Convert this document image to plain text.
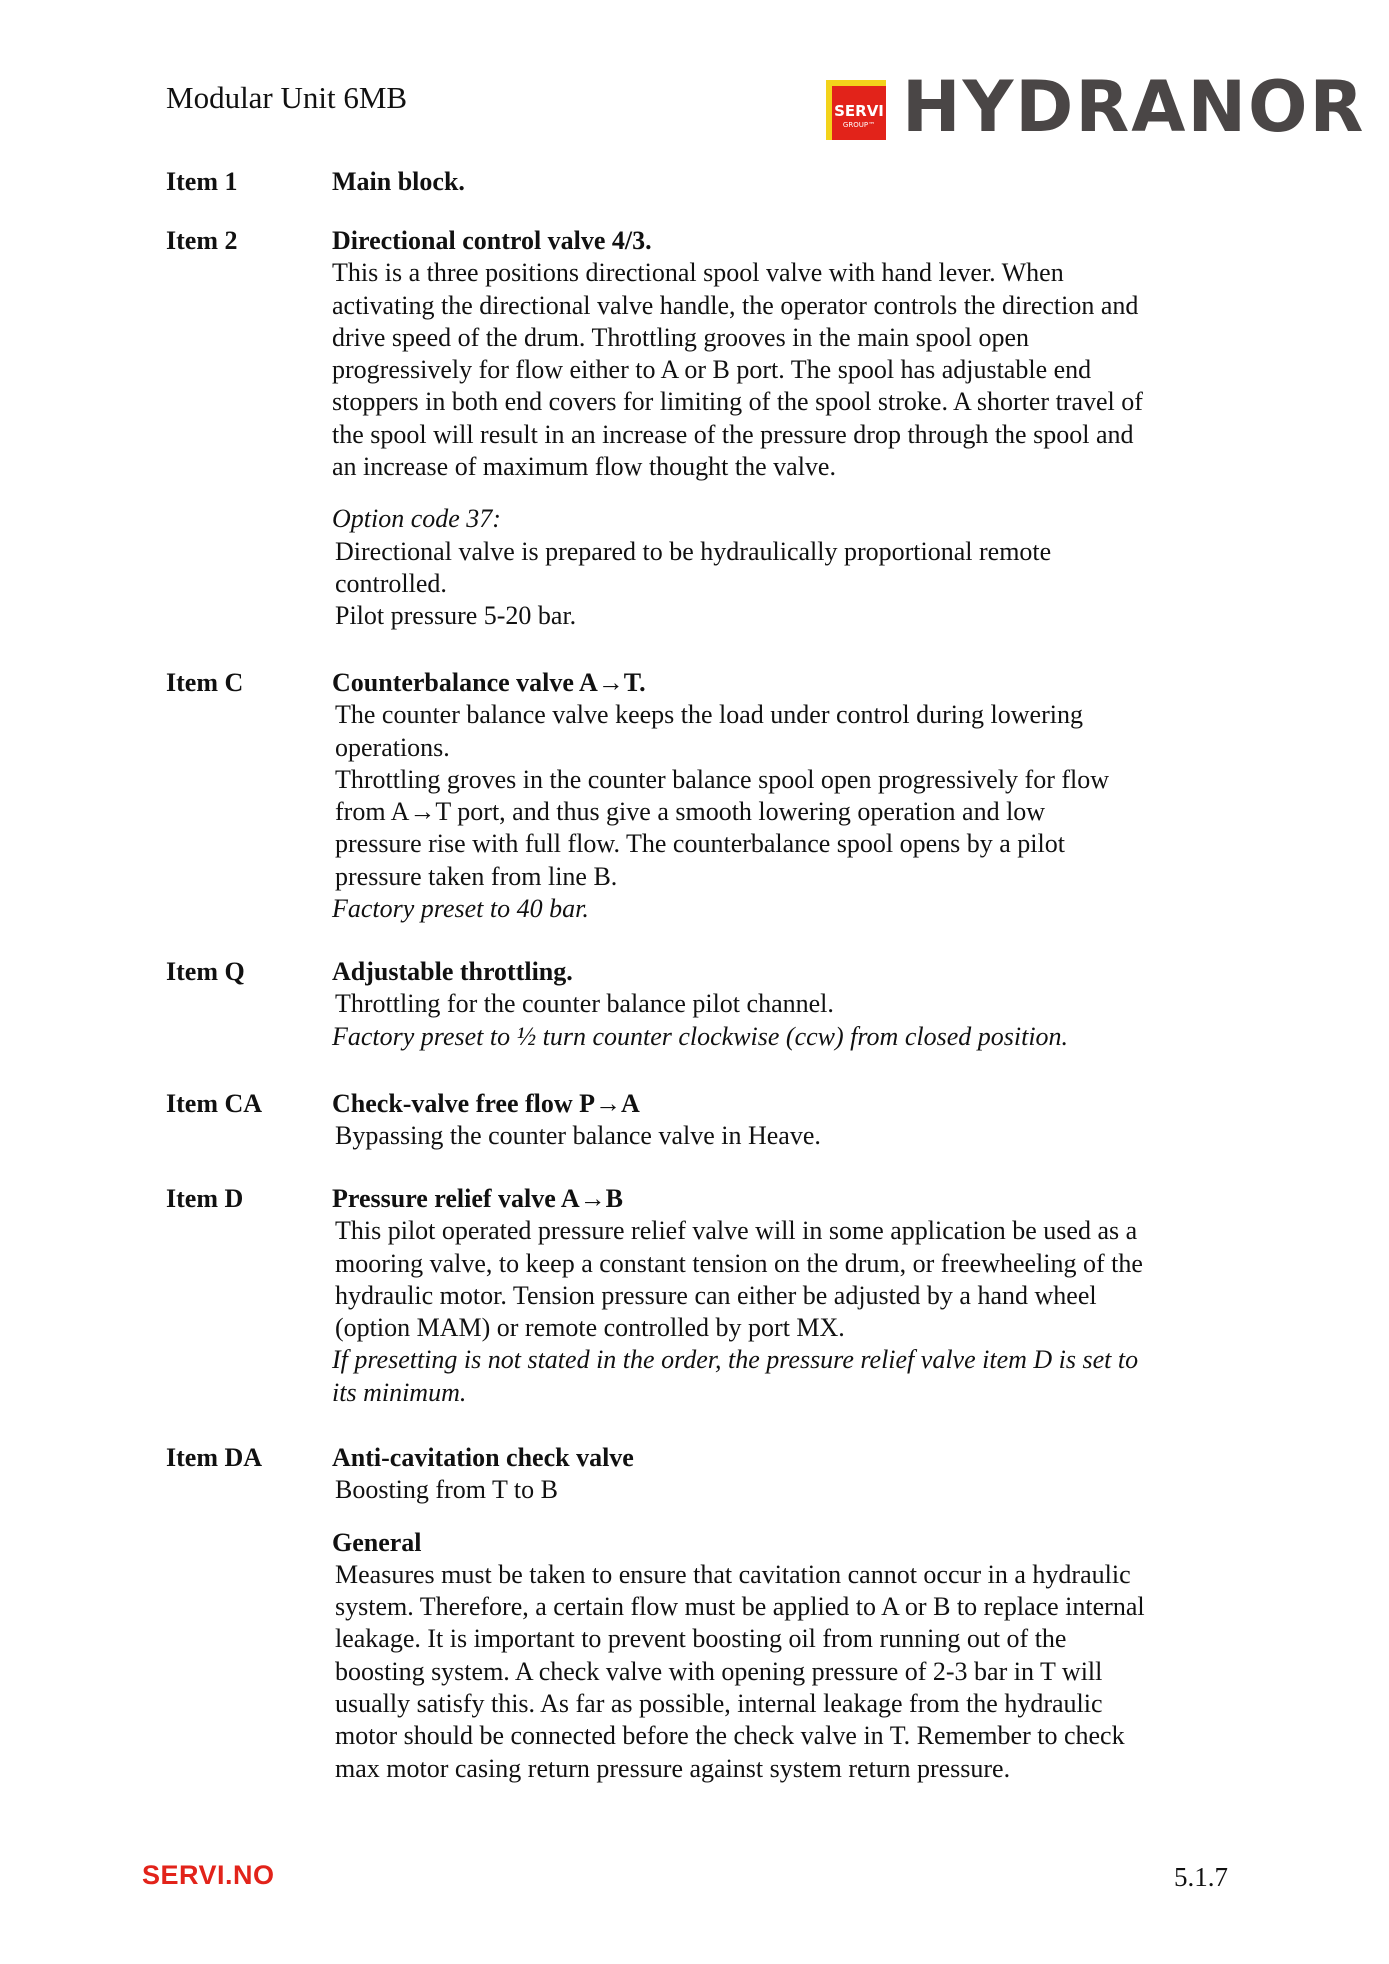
Modular Unit 6MB	SERVI
GROUP™ HYDRANOR
Item 1	Main block.
Item 2	Directional control valve 4/3.
This is a three positions directional spool valve with hand lever. When
activating the directional valve handle, the operator controls the direction and
drive speed of the drum. Throttling grooves in the main spool open
progressively for flow either to A or B port. The spool has adjustable end
stoppers in both end covers for limiting of the spool stroke. A shorter travel of
the spool will result in an increase of the pressure drop through the spool and
an increase of maximum flow thought the valve.
Option code 37:
Directional valve is prepared to be hydraulically proportional remote
controlled.
Pilot pressure 5-20 bar.
Item C	Counterbalance valve A→T.
The counter balance valve keeps the load under control during lowering
operations.
Throttling groves in the counter balance spool open progressively for flow
from A→T port, and thus give a smooth lowering operation and low
pressure rise with full flow. The counterbalance spool opens by a pilot
pressure taken from line B.
Factory preset to 40 bar.
Item Q	Adjustable throttling.
Throttling for the counter balance pilot channel.
Factory preset to ½ turn counter clockwise (ccw) from closed position.
Item CA	Check-valve free flow P→A
Bypassing the counter balance valve in Heave.
Item D	Pressure relief valve A→B
This pilot operated pressure relief valve will in some application be used as a
mooring valve, to keep a constant tension on the drum, or freewheeling of the
hydraulic motor. Tension pressure can either be adjusted by a hand wheel
(option MAM) or remote controlled by port MX.
If presetting is not stated in the order, the pressure relief valve item D is set to
its minimum.
Item DA	Anti-cavitation check valve
Boosting from T to B
General
Measures must be taken to ensure that cavitation cannot occur in a hydraulic
system. Therefore, a certain flow must be applied to A or B to replace internal
leakage. It is important to prevent boosting oil from running out of the
boosting system. A check valve with opening pressure of 2-3 bar in T will
usually satisfy this. As far as possible, internal leakage from the hydraulic
motor should be connected before the check valve in T. Remember to check
max motor casing return pressure against system return pressure.
SERVI.NO	5.1.7
